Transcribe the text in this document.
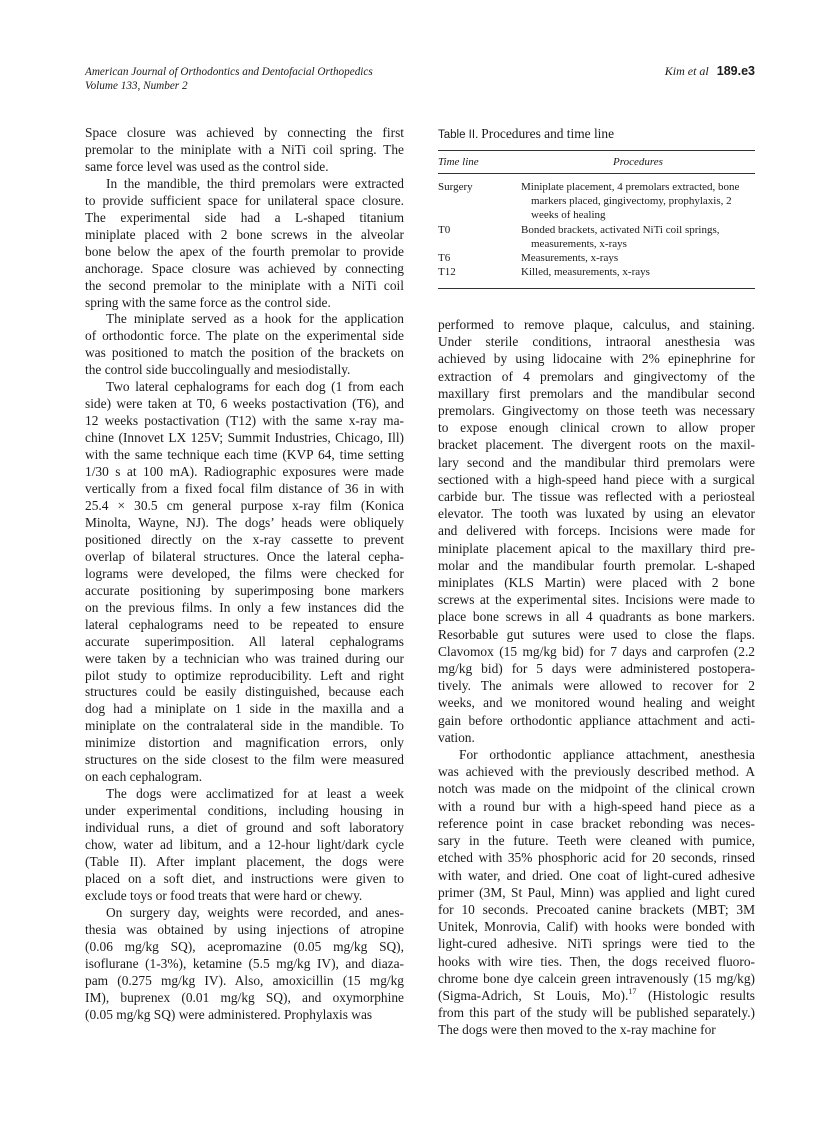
American Journal of Orthodontics and Dentofacial Orthopedics
Volume 133, Number 2
Kim et al 189.e3
Space closure was achieved by connecting the first
premolar to the miniplate with a NiTi coil spring. The
same force level was used as the control side.
In the mandible, the third premolars were extracted
to provide sufficient space for unilateral space closure.
The experimental side had a L-shaped titanium
miniplate placed with 2 bone screws in the alveolar
bone below the apex of the fourth premolar to provide
anchorage. Space closure was achieved by connecting
the second premolar to the miniplate with a NiTi coil
spring with the same force as the control side.
The miniplate served as a hook for the application
of orthodontic force. The plate on the experimental side
was positioned to match the position of the brackets on
the control side buccolingually and mesiodistally.
Two lateral cephalograms for each dog (1 from each
side) were taken at T0, 6 weeks postactivation (T6), and
12 weeks postactivation (T12) with the same x-ray ma-
chine (Innovet LX 125V; Summit Industries, Chicago, Ill)
with the same technique each time (KVP 64, time setting
1/30 s at 100 mA). Radiographic exposures were made
vertically from a fixed focal film distance of 36 in with
25.4 × 30.5 cm general purpose x-ray film (Konica
Minolta, Wayne, NJ). The dogs’ heads were obliquely
positioned directly on the x-ray cassette to prevent
overlap of bilateral structures. Once the lateral cepha-
lograms were developed, the films were checked for
accurate positioning by superimposing bone markers
on the previous films. In only a few instances did the
lateral cephalograms need to be repeated to ensure
accurate superimposition. All lateral cephalograms
were taken by a technician who was trained during our
pilot study to optimize reproducibility. Left and right
structures could be easily distinguished, because each
dog had a miniplate on 1 side in the maxilla and a
miniplate on the contralateral side in the mandible. To
minimize distortion and magnification errors, only
structures on the side closest to the film were measured
on each cephalogram.
The dogs were acclimatized for at least a week
under experimental conditions, including housing in
individual runs, a diet of ground and soft laboratory
chow, water ad libitum, and a 12-hour light/dark cycle
(Table II). After implant placement, the dogs were
placed on a soft diet, and instructions were given to
exclude toys or food treats that were hard or chewy.
On surgery day, weights were recorded, and anes-
thesia was obtained by using injections of atropine
(0.06 mg/kg SQ), acepromazine (0.05 mg/kg SQ),
isoflurane (1-3%), ketamine (5.5 mg/kg IV), and diaza-
pam (0.275 mg/kg IV). Also, amoxicillin (15 mg/kg
IM), buprenex (0.01 mg/kg SQ), and oxymorphine
(0.05 mg/kg SQ) were administered. Prophylaxis was
Table II. Procedures and time line
Time line	Procedures
Surgery	Miniplate placement, 4 premolars extracted, bone
markers placed, gingivectomy, prophylaxis, 2
weeks of healing
T0	Bonded brackets, activated NiTi coil springs,
measurements, x-rays
T6	Measurements, x-rays
T12	Killed, measurements, x-rays
performed to remove plaque, calculus, and staining.
Under sterile conditions, intraoral anesthesia was
achieved by using lidocaine with 2% epinephrine for
extraction of 4 premolars and gingivectomy of the
maxillary first premolars and the mandibular second
premolars. Gingivectomy on those teeth was necessary
to expose enough clinical crown to allow proper
bracket placement. The divergent roots on the maxil-
lary second and the mandibular third premolars were
sectioned with a high-speed hand piece with a surgical
carbide bur. The tissue was reflected with a periosteal
elevator. The tooth was luxated by using an elevator
and delivered with forceps. Incisions were made for
miniplate placement apical to the maxillary third pre-
molar and the mandibular fourth premolar. L-shaped
miniplates (KLS Martin) were placed with 2 bone
screws at the experimental sites. Incisions were made to
place bone screws in all 4 quadrants as bone markers.
Resorbable gut sutures were used to close the flaps.
Clavomox (15 mg/kg bid) for 7 days and carprofen (2.2
mg/kg bid) for 5 days were administered postopera-
tively. The animals were allowed to recover for 2
weeks, and we monitored wound healing and weight
gain before orthodontic appliance attachment and acti-
vation.
For orthodontic appliance attachment, anesthesia
was achieved with the previously described method. A
notch was made on the midpoint of the clinical crown
with a round bur with a high-speed hand piece as a
reference point in case bracket rebonding was neces-
sary in the future. Teeth were cleaned with pumice,
etched with 35% phosphoric acid for 20 seconds, rinsed
with water, and dried. One coat of light-cured adhesive
primer (3M, St Paul, Minn) was applied and light cured
for 10 seconds. Precoated canine brackets (MBT; 3M
Unitek, Monrovia, Calif) with hooks were bonded with
light-cured adhesive. NiTi springs were tied to the
hooks with wire ties. Then, the dogs received fluoro-
chrome bone dye calcein green intravenously (15 mg/kg)
(Sigma-Adrich, St Louis, Mo).$^{17}$ (Histologic results
from this part of the study will be published separately.)
The dogs were then moved to the x-ray machine for
